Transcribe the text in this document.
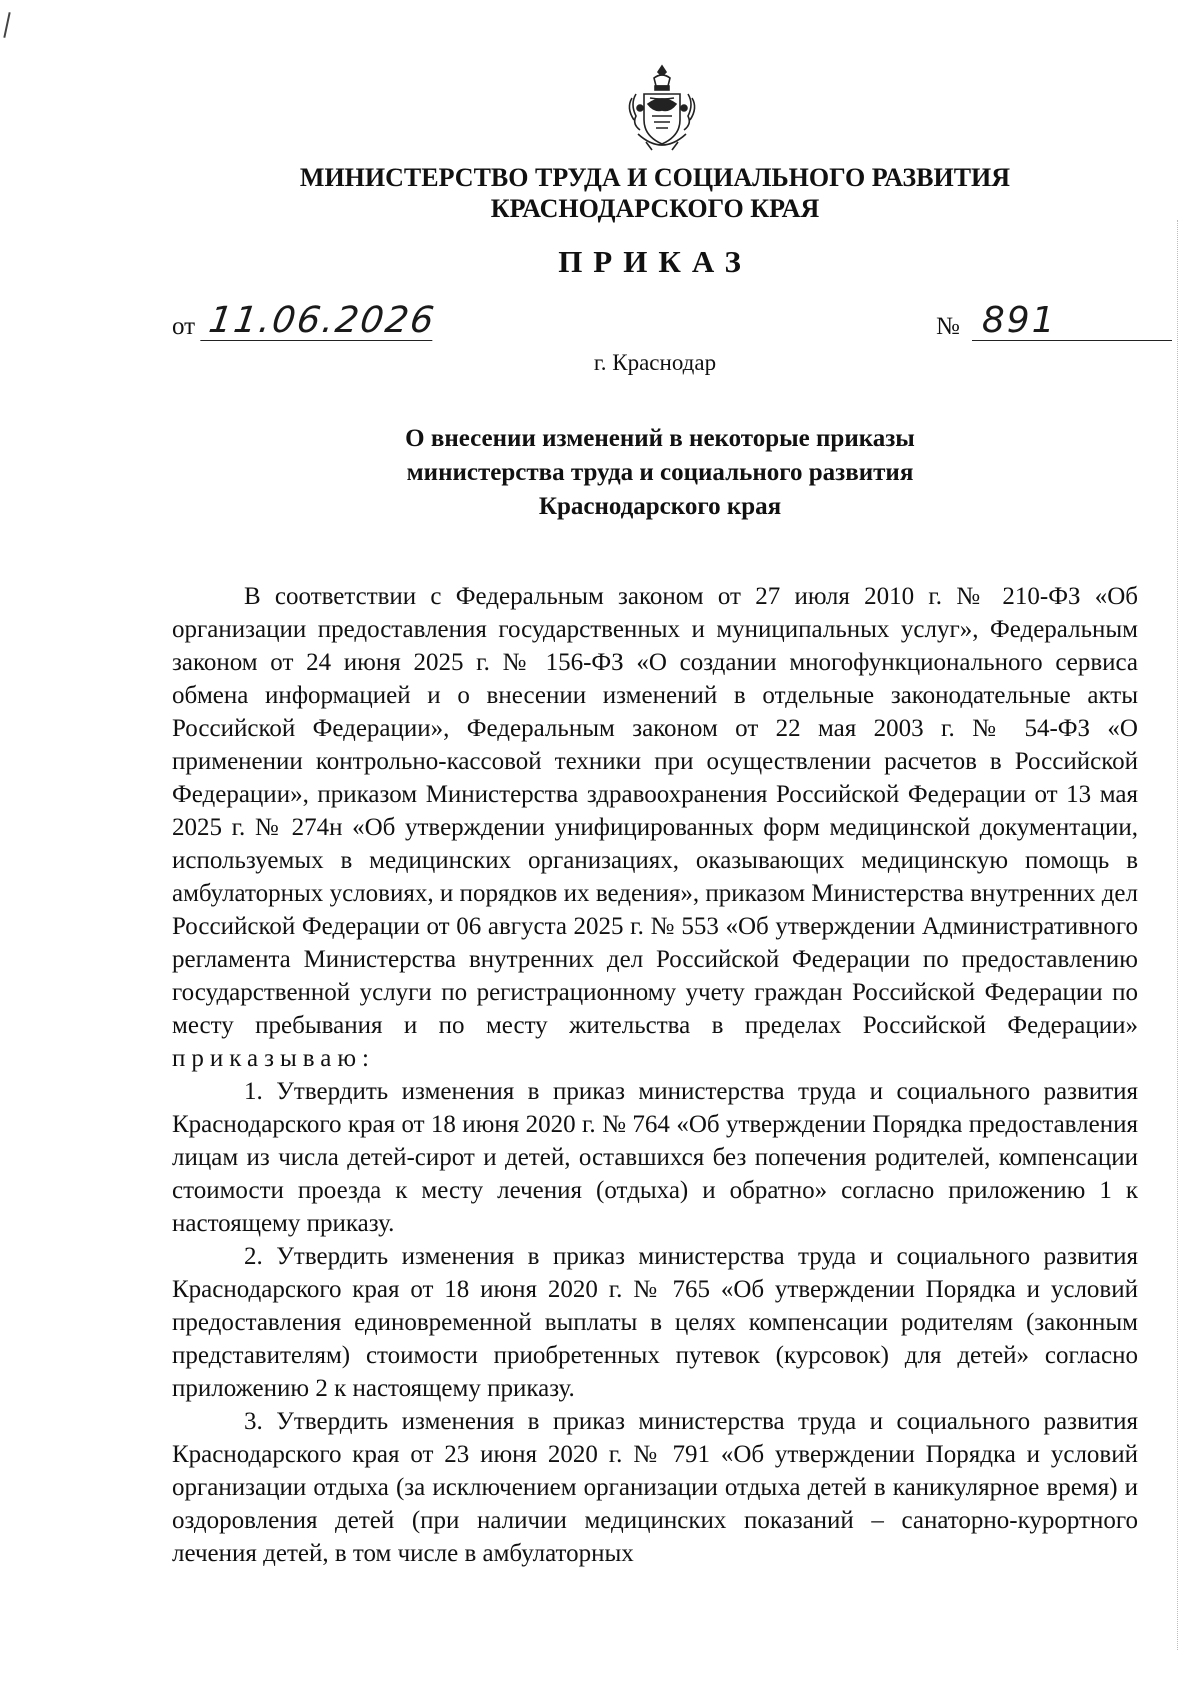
МИНИСТЕРСТВО ТРУДА И СОЦИАЛЬНОГО РАЗВИТИЯ
КРАСНОДАРСКОГО КРАЯ
ПРИКАЗ
от 11.06.2026	№ 891
г. Краснодар
О внесении изменений в некоторые приказы
министерства труда и социального развития
Краснодарского края

В соответствии с Федеральным законом от 27 июля 2010 г. № 210-ФЗ «Об организации предоставления государственных и муниципальных услуг», Федеральным законом от 24 июня 2025 г. № 156-ФЗ «О создании многофункционального сервиса обмена информацией и о внесении изменений в отдельные законодательные акты Российской Федерации», Федеральным законом от 22 мая 2003 г. № 54-ФЗ «О применении контрольно-кассовой техники при осуществлении расчетов в Российской Федерации», приказом Министерства здравоохранения Российской Федерации от 13 мая 2025 г. № 274н «Об утверждении унифицированных форм медицинской документации, используемых в медицинских организациях, оказывающих медицинскую помощь в амбулаторных условиях, и порядков их ведения», приказом Министерства внутренних дел Российской Федерации от 06 августа 2025 г. № 553 «Об утверждении Административного регламента Министерства внутренних дел Российской Федерации по предоставлению государственной услуги по регистрационному учету граждан Российской Федерации по месту пребывания и по месту жительства в пределах Российской Федерации» приказываю:

1. Утвердить изменения в приказ министерства труда и социального развития Краснодарского края от 18 июня 2020 г. № 764 «Об утверждении Порядка предоставления лицам из числа детей-сирот и детей, оставшихся без попечения родителей, компенсации стоимости проезда к месту лечения (отдыха) и обратно» согласно приложению 1 к настоящему приказу.

2. Утвердить изменения в приказ министерства труда и социального развития Краснодарского края от 18 июня 2020 г. № 765 «Об утверждении Порядка и условий предоставления единовременной выплаты в целях компенсации родителям (законным представителям) стоимости приобретенных путевок (курсовок) для детей» согласно приложению 2 к настоящему приказу.

3. Утвердить изменения в приказ министерства труда и социального развития Краснодарского края от 23 июня 2020 г. № 791 «Об утверждении Порядка и условий организации отдыха (за исключением организации отдыха детей в каникулярное время) и оздоровления детей (при наличии медицинских показаний – санаторно-курортного лечения детей, в том числе в амбулаторных
